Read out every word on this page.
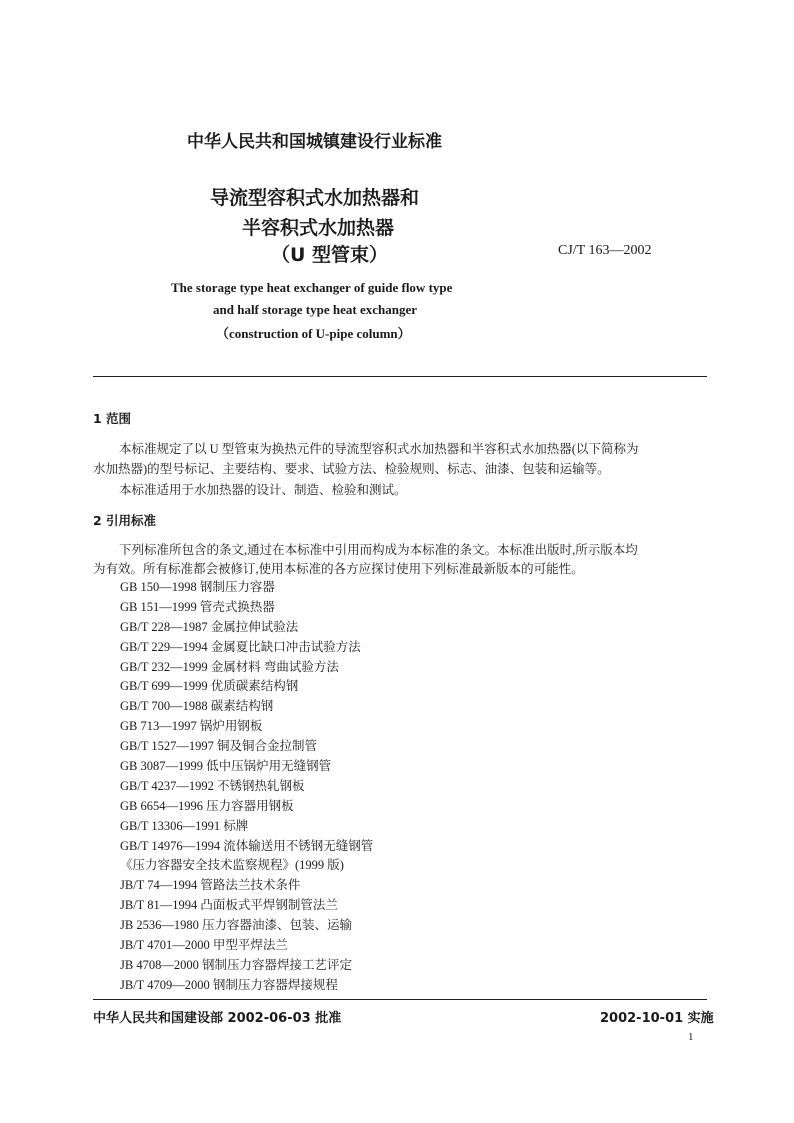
中华人民共和国城镇建设行业标准
导流型容积式水加热器和
半容积式水加热器
（U 型管束）	CJ/T 163—2002
The storage type heat exchanger of guide flow type
and half storage type heat exchanger
（construction of U-pipe column）
1 范围
本标准规定了以 U 型管束为换热元件的导流型容积式水加热器和半容积式水加热器(以下简称为
水加热器)的型号标记、主要结构、要求、试验方法、检验规则、标志、油漆、包装和运输等。
本标准适用于水加热器的设计、制造、检验和测试。
2 引用标准
下列标准所包含的条文,通过在本标准中引用而构成为本标准的条文。本标准出版时,所示版本均
为有效。所有标准都会被修订,使用本标准的各方应探讨使用下列标准最新版本的可能性。
GB 150—1998 钢制压力容器
GB 151—1999 管壳式换热器
GB/T 228—1987 金属拉伸试验法
GB/T 229—1994 金属夏比缺口冲击试验方法
GB/T 232—1999 金属材料 弯曲试验方法
GB/T 699—1999 优质碳素结构钢
GB/T 700—1988 碳素结构钢
GB 713—1997 锅炉用钢板
GB/T 1527—1997 铜及铜合金拉制管
GB 3087—1999 低中压锅炉用无缝钢管
GB/T 4237—1992 不锈钢热轧钢板
GB 6654—1996 压力容器用钢板
GB/T 13306—1991 标牌
GB/T 14976—1994 流体输送用不锈钢无缝钢管
《压力容器安全技术监察规程》(1999 版)
JB/T 74—1994 管路法兰技术条件
JB/T 81—1994 凸面板式平焊钢制管法兰
JB 2536—1980 压力容器油漆、包装、运输
JB/T 4701—2000 甲型平焊法兰
JB 4708—2000 钢制压力容器焊接工艺评定
JB/T 4709—2000 钢制压力容器焊接规程
中华人民共和国建设部 2002-06-03 批准	2002-10-01 实施
1
